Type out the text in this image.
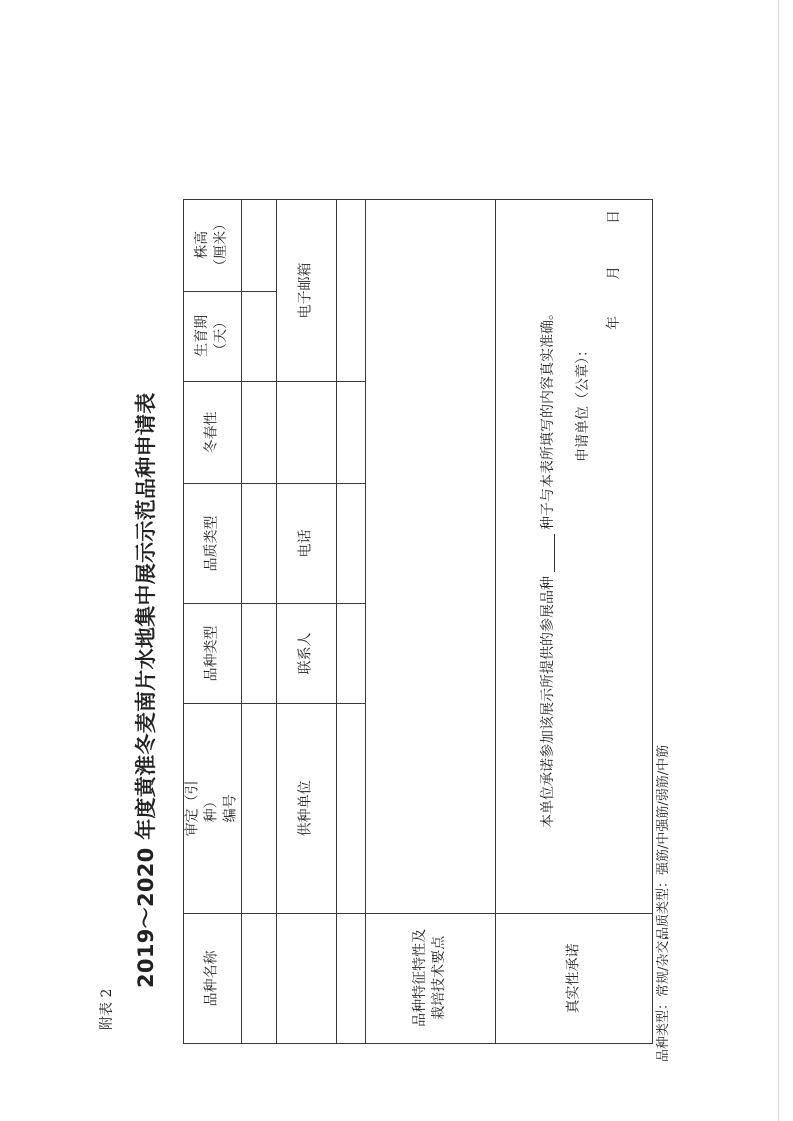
附表 2
2019～2020 年度黄淮冬麦南片水地集中展示示范品种申请表
品种类型：常规/杂交；
品质类型：强筋/中强筋/弱筋/中筋
品种名称
审定（引种） 编号
品种类型
品质类型
冬春性
生育期 （天）
株高 （厘米）
供种单位
联系人
电话
电子邮箱
品种特征特性及 栽培技术要点	真实性承诺
本单位承诺参加该展示所提供的参展品种种子与本表所填写的内容真实准确。 申请单位（公章）：
年
月
日
